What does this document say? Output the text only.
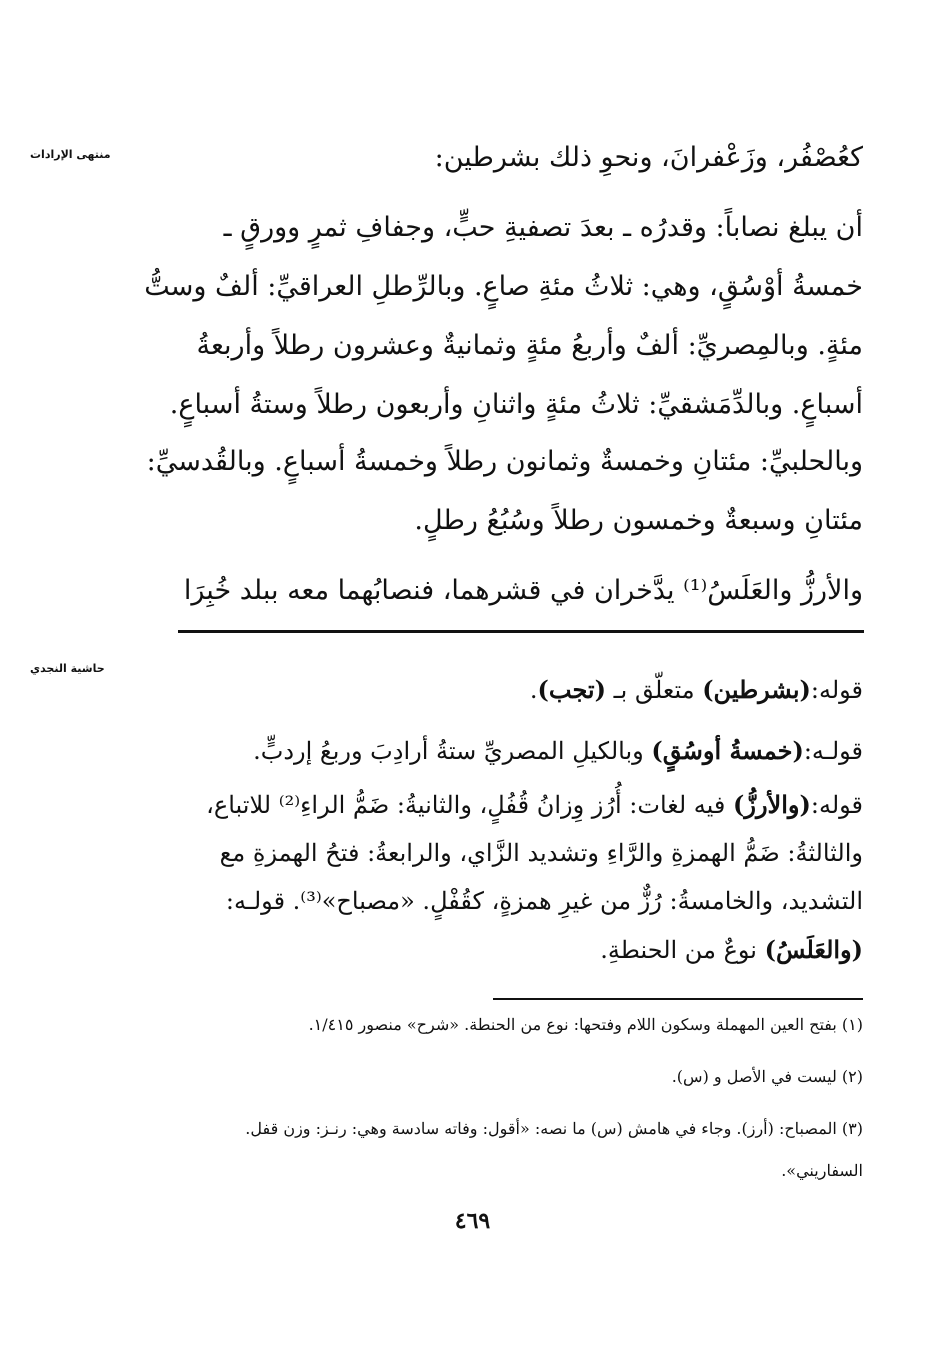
منتهى الإرادات	كعُصْفُر، وزَعْفرانَ، ونحوِ ذلك بشرطين:
أن يبلغ نصاباً: وقدرُه ـ بعدَ تصفيةِ حبٍّ، وجفافِ ثمرٍ وورقٍ ـ
خمسةُ أوْسُقٍ، وهي: ثلاثُ مئةِ صاعٍ. وبالرِّطلِ العراقيِّ: ألفٌ وستُّ
مئةٍ. وبالمِصريِّ: ألفٌ وأربعُ مئةٍ وثمانيةٌ وعشرون رطلاً وأربعةُ
أسباعٍ. وبالدِّمَشقيِّ: ثلاثُ مئةٍ واثنانِ وأربعون رطلاً وستةُ أسباعٍ.
وبالحلبيِّ: مئتانِ وخمسةٌ وثمانون رطلاً وخمسةُ أسباعٍ. وبالقُدسيِّ:
مئتانِ وسبعةٌ وخمسون رطلاً وسُبُعُ رطلٍ.
والأرزُّ والعَلَسُ⁽¹⁾ يدَّخران في قشرهما، فنصابُهما معه ببلد خُبِرَا
حاشية النجدي
قوله:(بشرطين) متعلّق بـ (تجب).
قولـه:(خمسةُ أوسُقٍ) وبالكيلِ المصريِّ ستةُ أرادِبَ وربعُ إردبٍّ.
قوله:(والأرزُّ) فيه لغات: أُرُز وِزانُ قُفُلٍ، والثانيةُ: ضَمُّ الراءِ⁽²⁾ للاتباع،
والثالثةُ: ضَمُّ الهمزةِ والرَّاءِ وتشديد الزَّاي، والرابعةُ: فتحُ الهمزةِ مع
التشديد، والخامسةُ: رُزٌّ من غيرِ همزةٍ، كقُفْلٍ. «مصباح»⁽³⁾. قولـه:
(والعَلَسُ) نوعٌ من الحنطةِ.
(١) بفتح العين المهملة وسكون اللام وفتحها: نوع من الحنطة. «شرح» منصور ١/٤١٥.
(٢) ليست في الأصل و (س).
(٣) المصباح: (أرز). وجاء في هامش (س) ما نصه: «أقول: وفاته سادسة وهي: رنـز: وزن قفل.
السفاريني».
٤٦٩
